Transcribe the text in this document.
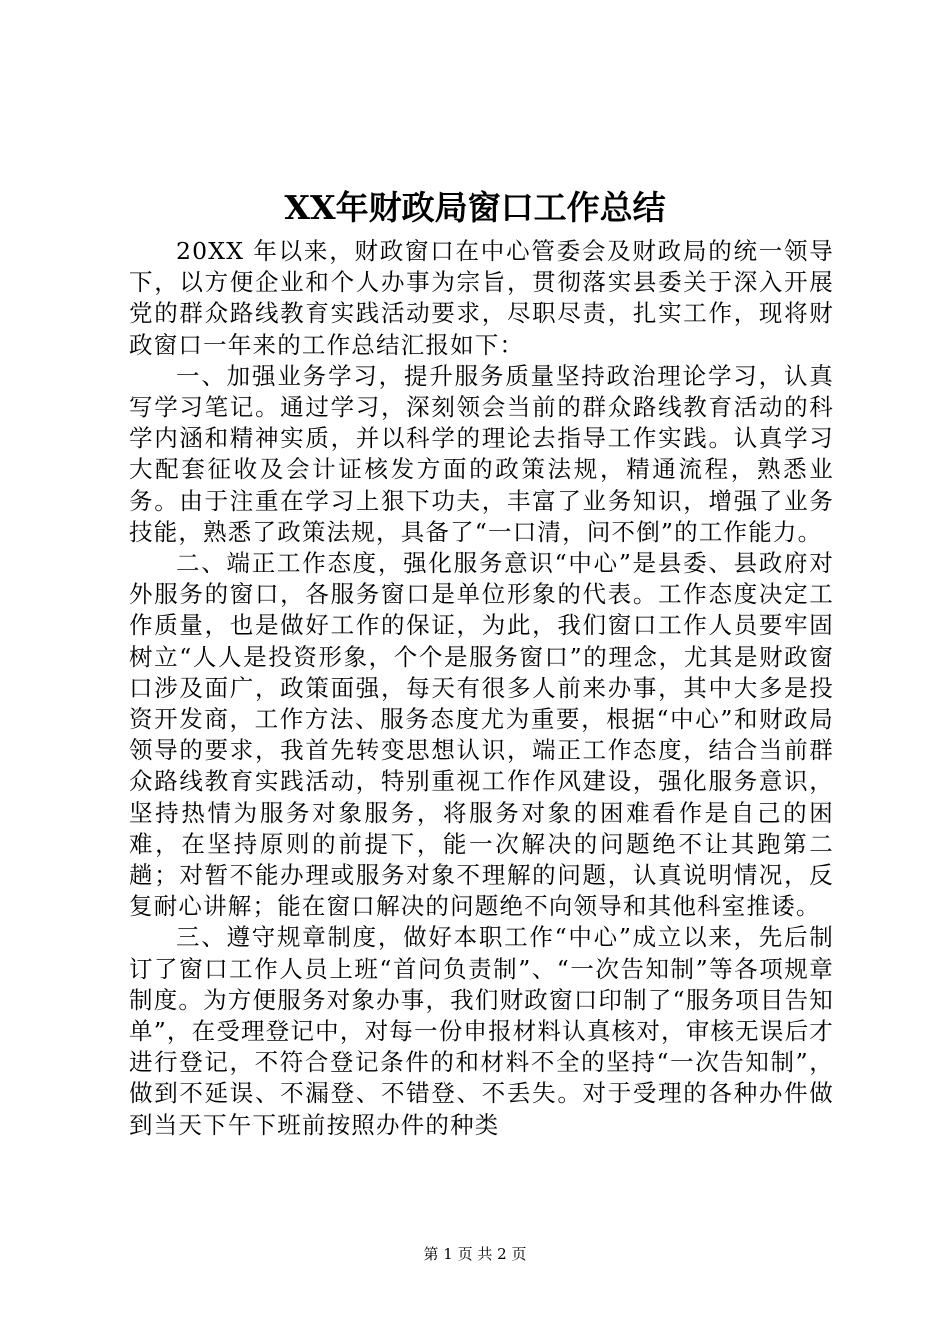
XX年财政局窗口工作总结

20XX 年以来，财政窗口在中心管委会及财政局的统一领导下，以方便企业和个人办事为宗旨，贯彻落实县委关于深入开展党的群众路线教育实践活动要求，尽职尽责，扎实工作，现将财政窗口一年来的工作总结汇报如下：

一、加强业务学习，提升服务质量坚持政治理论学习，认真写学习笔记。通过学习，深刻领会当前的群众路线教育活动的科学内涵和精神实质，并以科学的理论去指导工作实践。认真学习大配套征收及会计证核发方面的政策法规，精通流程，熟悉业务。由于注重在学习上狠下功夫，丰富了业务知识，增强了业务技能，熟悉了政策法规，具备了“一口清，问不倒”的工作能力。

二、端正工作态度，强化服务意识“中心”是县委、县政府对外服务的窗口，各服务窗口是单位形象的代表。工作态度决定工作质量，也是做好工作的保证，为此，我们窗口工作人员要牢固树立“人人是投资形象，个个是服务窗口”的理念，尤其是财政窗口涉及面广，政策面强，每天有很多人前来办事，其中大多是投资开发商，工作方法、服务态度尤为重要，根据“中心”和财政局领导的要求，我首先转变思想认识，端正工作态度，结合当前群众路线教育实践活动，特别重视工作作风建设，强化服务意识，坚持热情为服务对象服务，将服务对象的困难看作是自己的困难，在坚持原则的前提下，能一次解决的问题绝不让其跑第二趟；对暂不能办理或服务对象不理解的问题，认真说明情况，反复耐心讲解；能在窗口解决的问题绝不向领导和其他科室推诿。

三、遵守规章制度，做好本职工作“中心”成立以来，先后制订了窗口工作人员上班“首问负责制”、“一次告知制”等各项规章制度。为方便服务对象办事，我们财政窗口印制了“服务项目告知单”，在受理登记中，对每一份申报材料认真核对，审核无误后才进行登记，不符合登记条件的和材料不全的坚持“一次告知制”，做到不延误、不漏登、不错登、不丢失。对于受理的各种办件做到当天下午下班前按照办件的种类

第 1 页 共 2 页
